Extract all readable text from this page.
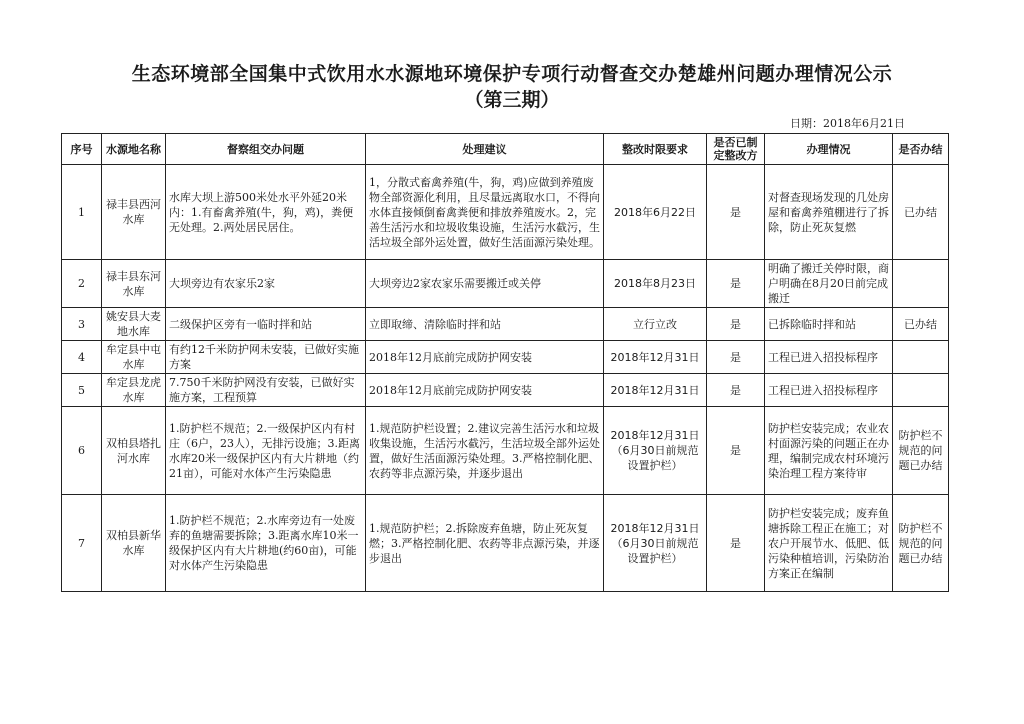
生态环境部全国集中式饮用水水源地环境保护专项行动督查交办楚雄州问题办理情况公示
（第三期）
日期：2018年6月21日
序号	水源地名称	督察组交办问题	处理建议	整改时限要求	是否已制定整改方	办理情况	是否办结
1	禄丰县西河水库	水库大坝上游500米处水平外延20米内：1.有畜禽养殖(牛，狗，鸡)，粪便无处理。2.两处居民居住。	1，分散式畜禽养殖(牛，狗，鸡)应做到养殖废物全部资源化利用，且尽量远离取水口，不得向水体直接倾倒畜禽粪便和排放养殖废水。2，完善生活污水和垃圾收集设施，生活污水截污，生活垃圾全部外运处置，做好生活面源污染处理。	2018年6月22日	是	对督查现场发现的几处房屋和畜禽养殖棚进行了拆除，防止死灰复燃	已办结
2	禄丰县东河水库	大坝旁边有农家乐2家	大坝旁边2家农家乐需要搬迁或关停	2018年8月23日	是	明确了搬迁关停时限，商户明确在8月20日前完成搬迁	
3	姚安县大麦地水库	二级保护区旁有一临时拌和站	立即取缔、清除临时拌和站	立行立改	是	已拆除临时拌和站	已办结
4	牟定县中屯水库	有约12千米防护网未安装，已做好实施方案	2018年12月底前完成防护网安装	2018年12月31日	是	工程已进入招投标程序	
5	牟定县龙虎水库	7.750千米防护网没有安装，已做好实施方案，工程预算	2018年12月底前完成防护网安装	2018年12月31日	是	工程已进入招投标程序	
6	双柏县塔扎河水库	1.防护栏不规范；2.一级保护区内有村庄（6户，23人），无排污设施；3.距离水库20米一级保护区内有大片耕地（约21亩），可能对水体产生污染隐患	1.规范防护栏设置；2.建议完善生活污水和垃圾收集设施，生活污水截污，生活垃圾全部外运处置，做好生活面源污染处理。3.严格控制化肥、农药等非点源污染，并逐步退出	2018年12月31日（6月30日前规范设置护栏）	是	防护栏安装完成；农业农村面源污染的问题正在办理，编制完成农村环境污染治理工程方案待审	防护栏不规范的问题已办结
7	双柏县新华水库	1.防护栏不规范；2.水库旁边有一处废弃的鱼塘需要拆除；3.距离水库10米一级保护区内有大片耕地(约60亩)，可能对水体产生污染隐患	1.规范防护栏；2.拆除废弃鱼塘，防止死灰复燃；3.严格控制化肥、农药等非点源污染，并逐步退出	2018年12月31日（6月30日前规范设置护栏）	是	防护栏安装完成；废弃鱼塘拆除工程正在施工；对农户开展节水、低肥、低污染种植培训，污染防治方案正在编制	防护栏不规范的问题已办结
